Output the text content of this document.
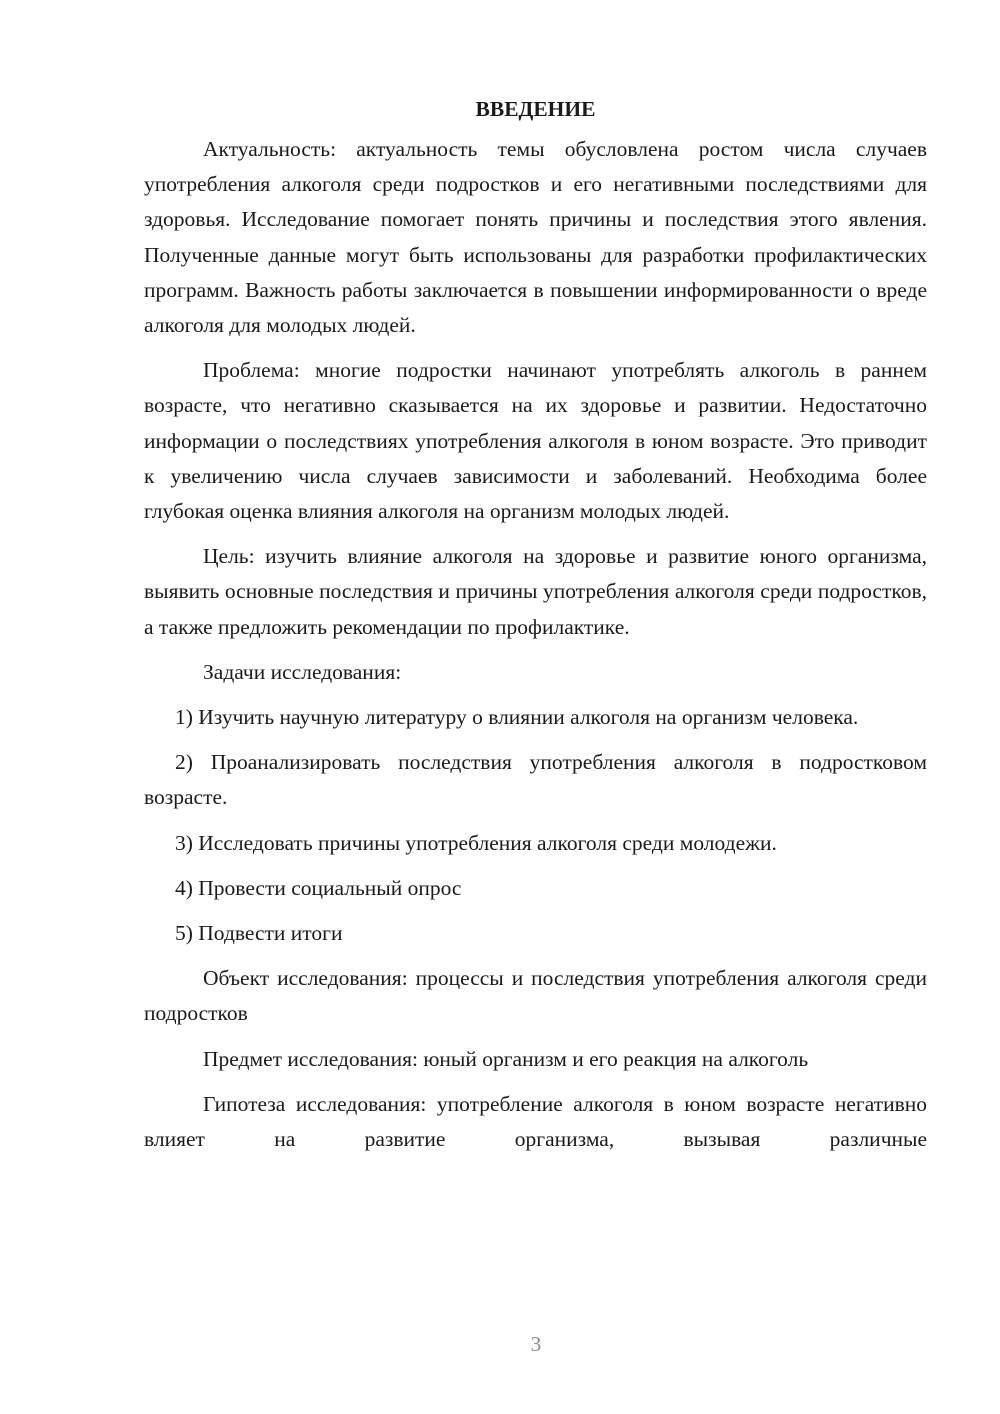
ВВЕДЕНИЕ

Актуальность: актуальность темы обусловлена ростом числа случаев употребления алкоголя среди подростков и его негативными последствиями для здоровья. Исследование помогает понять причины и последствия этого явления. Полученные данные могут быть использованы для разработки профилактических программ. Важность работы заключается в повышении информированности о вреде алкоголя для молодых людей.

Проблема: многие подростки начинают употреблять алкоголь в раннем возрасте, что негативно сказывается на их здоровье и развитии. Недостаточно информации о последствиях употребления алкоголя в юном возрасте. Это приводит к увеличению числа случаев зависимости и заболеваний. Необходима более глубокая оценка влияния алкоголя на организм молодых людей.

Цель: изучить влияние алкоголя на здоровье и развитие юного организма, выявить основные последствия и причины употребления алкоголя среди подростков, а также предложить рекомендации по профилактике.

Задачи исследования:

1) Изучить научную литературу о влиянии алкоголя на организм человека.

2) Проанализировать последствия употребления алкоголя в подростковом возрасте.

3) Исследовать причины употребления алкоголя среди молодежи.

4) Провести социальный опрос

5) Подвести итоги

Объект исследования: процессы и последствия употребления алкоголя среди подростков

Предмет исследования: юный организм и его реакция на алкоголь

Гипотеза исследования: употребление алкоголя в юном возрасте негативно влияет на развитие организма, вызывая различные

3
